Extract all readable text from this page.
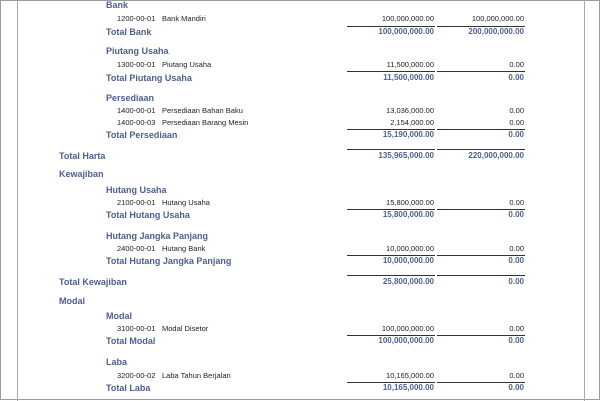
Bank
1200-00-01 Bank Mandiri	100,000,000.00	100,000,000.00
Total Bank	100,000,000.00	200,000,000.00
Piutang Usaha
1300-00-01 Piutang Usaha	11,500,000.00	0.00
Total Piutang Usaha	11,500,000.00	0.00
Persediaan
1400-00-01 Persediaan Bahan Baku	13,036,000.00	0.00
1400-00-03 Persediaan Barang Mesin	2,154,000.00	0.00
Total Persediaan	15,190,000.00	0.00
Total Harta	135,965,000.00	220,000,000.00
Kewajiban
Hutang Usaha
2100-00-01 Hutang Usaha	15,800,000.00	0.00
Total Hutang Usaha	15,800,000.00	0.00
Hutang Jangka Panjang
2400-00-01 Hutang Bank	10,000,000.00	0.00
Total Hutang Jangka Panjang	10,000,000.00	0.00
Total Kewajiban	25,800,000.00	0.00
Modal
Modal
3100-00-01 Modal Disetor	100,000,000.00	0.00
Total Modal	100,000,000.00	0.00
Laba
3200-00-02 Laba Tahun Berjalan	10,165,000.00	0.00
Total Laba	10,165,000.00	0.00
